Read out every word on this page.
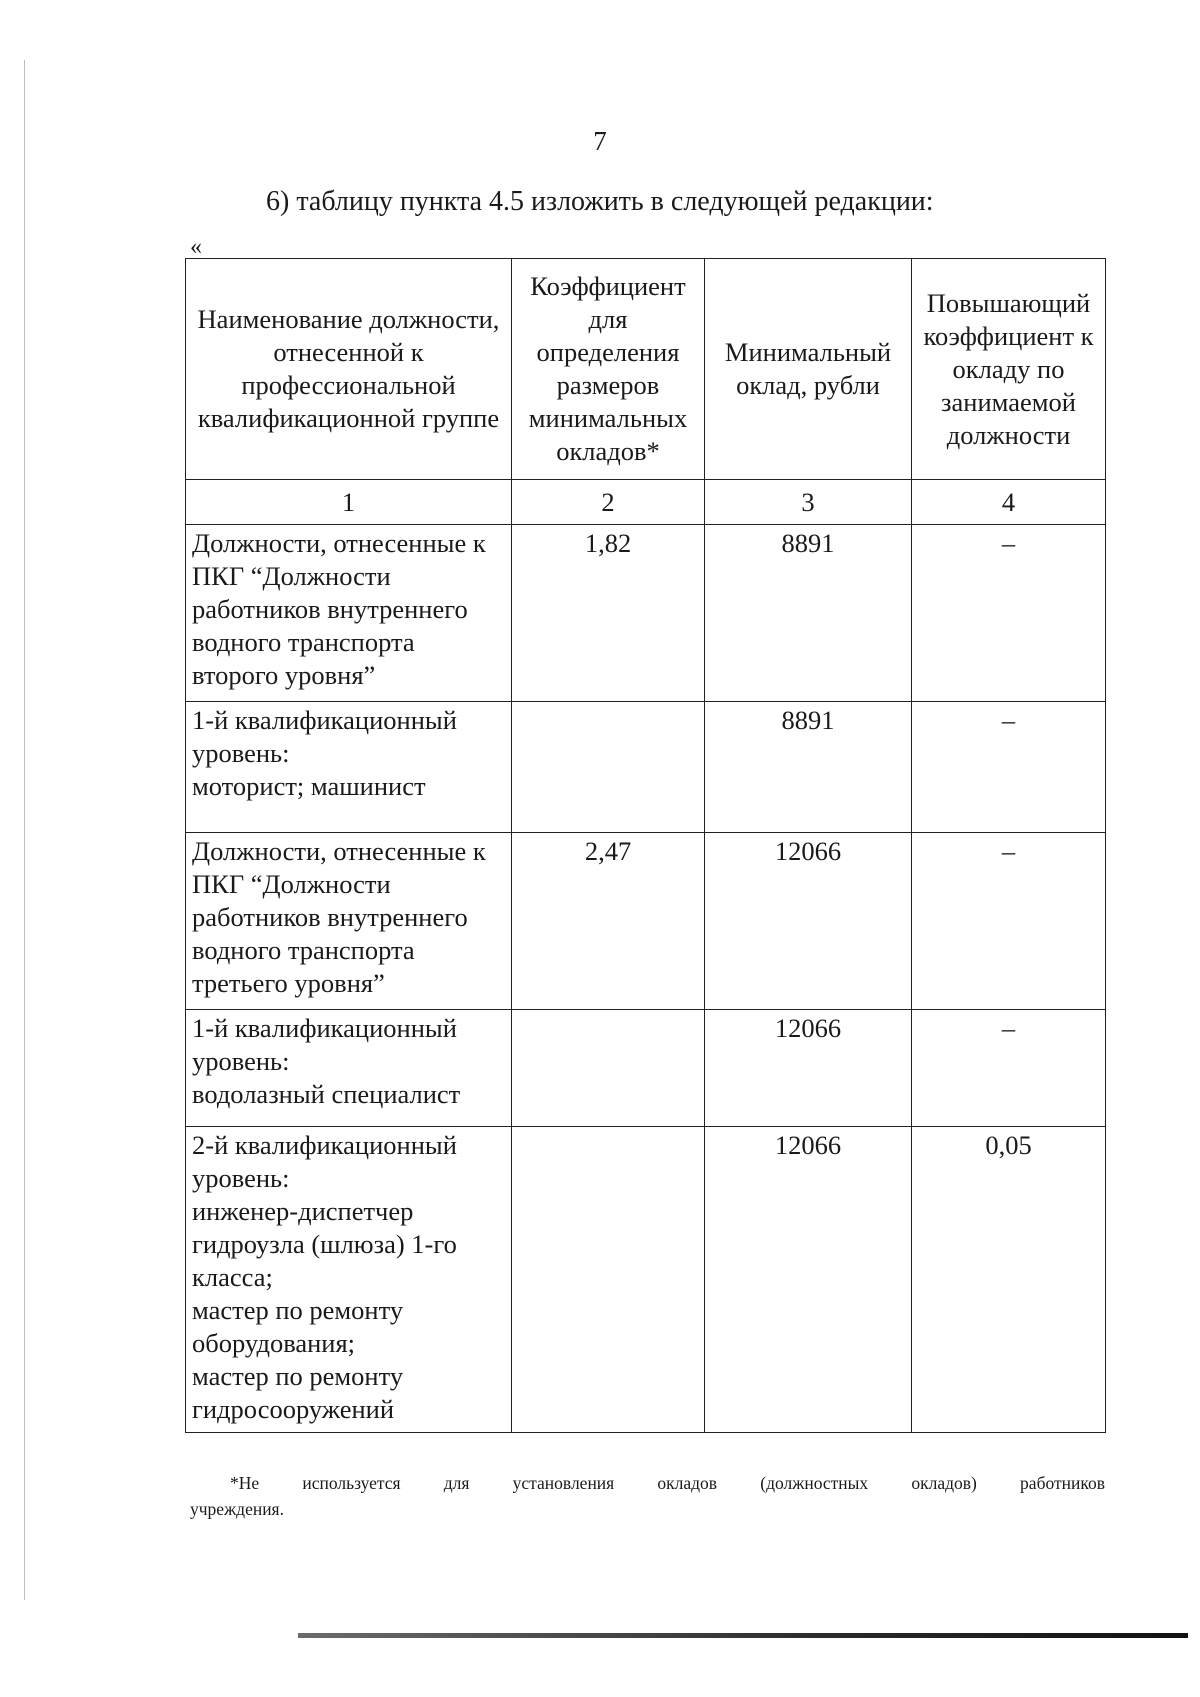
7
6) таблицу пункта 4.5 изложить в следующей редакции:
«
Наименование должности, отнесенной к профессиональной квалификационной группе	Коэффициент для определения размеров минимальных окладов*	Минимальный оклад, рубли	Повышающий коэффициент к окладу по занимаемой должности
1	2	3	4
Должности, отнесенные к ПКГ “Должности работников внутреннего водного транспорта второго уровня”	1,82	8891	–
1-й квалификационный уровень:
моторист; машинист		8891	–
Должности, отнесенные к ПКГ “Должности работников внутреннего водного транспорта третьего уровня”	2,47	12066	–
1-й квалификационный уровень:
водолазный специалист		12066	–
2-й квалификационный уровень:
инженер-диспетчер гидроузла (шлюза) 1-го класса;
мастер по ремонту оборудования;
мастер по ремонту гидросооружений		12066	0,05
*Не используется для установления окладов (должностных окладов) работников
учреждения.
